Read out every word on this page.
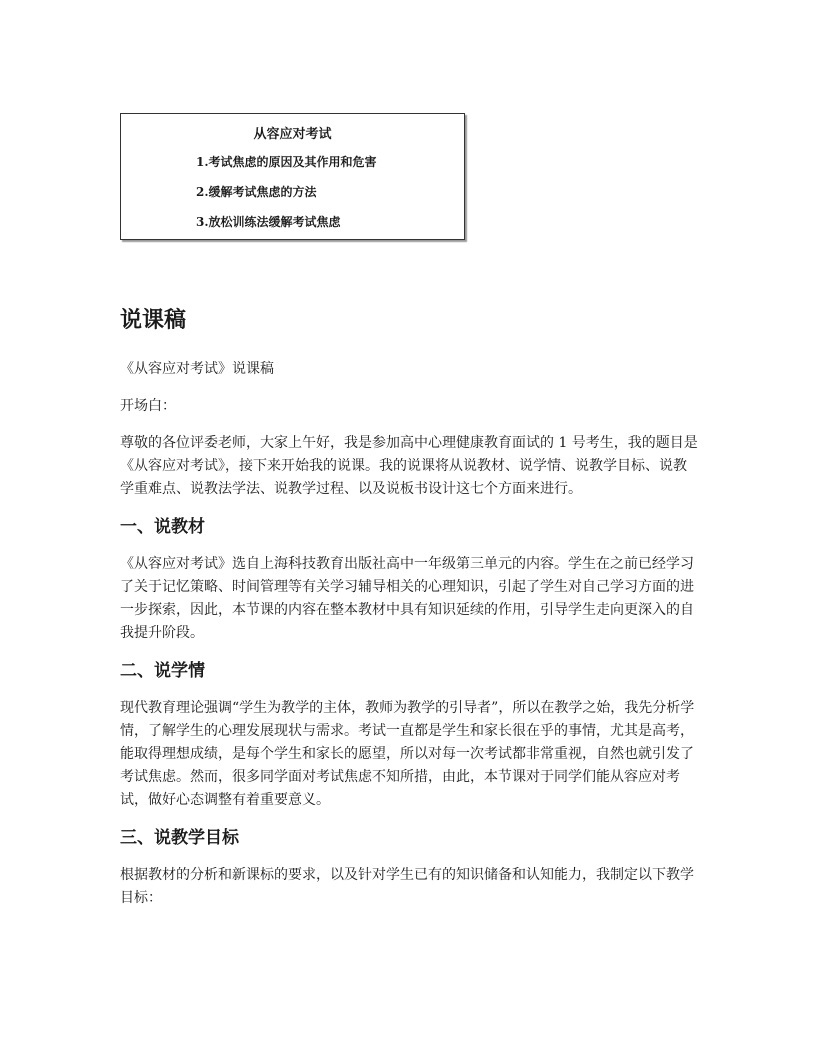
从容应对考试
1.考试焦虑的原因及其作用和危害
2.缓解考试焦虑的方法
3.放松训练法缓解考试焦虑
说课稿

《从容应对考试》说课稿

开场白：

尊敬的各位评委老师，大家上午好，我是参加高中心理健康教育面试的 1 号考生，我的题目是《从容应对考试》，接下来开始我的说课。我的说课将从说教材、说学情、说教学目标、说教学重难点、说教法学法、说教学过程、以及说板书设计这七个方面来进行。

一、说教材

《从容应对考试》选自上海科技教育出版社高中一年级第三单元的内容。学生在之前已经学习了关于记忆策略、时间管理等有关学习辅导相关的心理知识，引起了学生对自己学习方面的进一步探索，因此，本节课的内容在整本教材中具有知识延续的作用，引导学生走向更深入的自我提升阶段。

二、说学情

现代教育理论强调“学生为教学的主体，教师为教学的引导者”，所以在教学之始，我先分析学情，了解学生的心理发展现状与需求。考试一直都是学生和家长很在乎的事情，尤其是高考，能取得理想成绩，是每个学生和家长的愿望，所以对每一次考试都非常重视，自然也就引发了考试焦虑。然而，很多同学面对考试焦虑不知所措，由此，本节课对于同学们能从容应对考试，做好心态调整有着重要意义。

三、说教学目标

根据教材的分析和新课标的要求，以及针对学生已有的知识储备和认知能力，我制定以下教学目标：
